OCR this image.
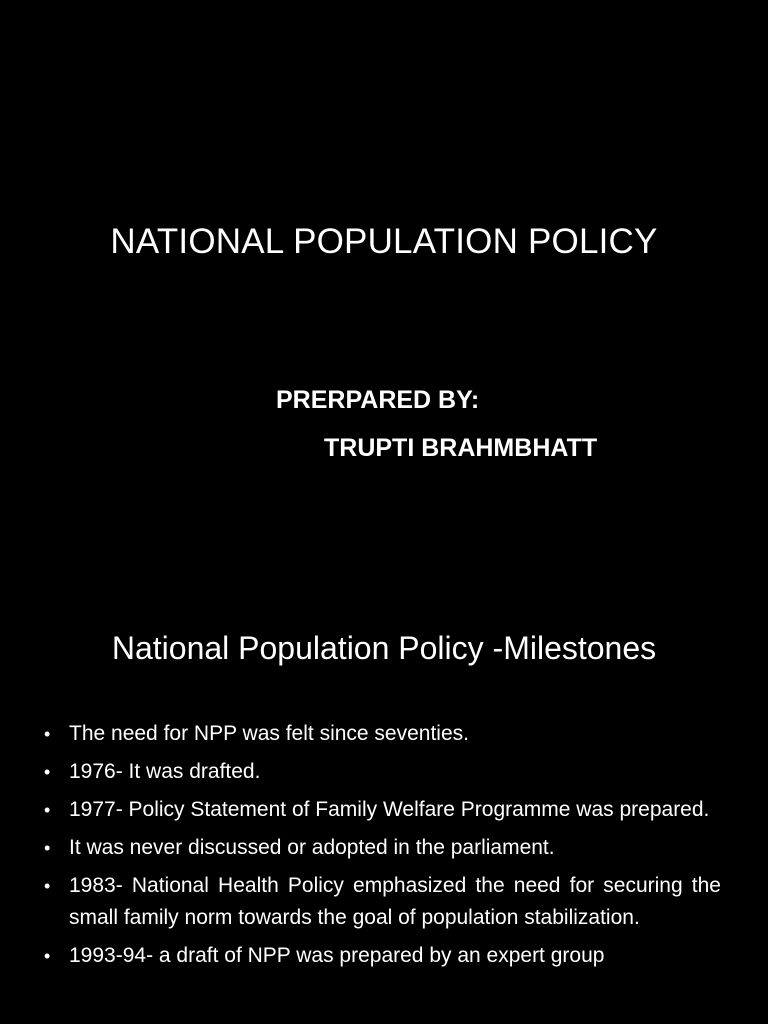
NATIONAL POPULATION POLICY
PRERPARED BY:
TRUPTI BRAHMBHATT
National Population Policy -Milestones
• The need for NPP was felt since seventies.
• 1976- It was drafted.
• 1977- Policy Statement of Family Welfare Programme was prepared.
• It was never discussed or adopted in the parliament.
• 1983- National Health Policy emphasized the need for securing the small family norm towards the goal of population stabilization.
• 1993-94- a draft of NPP was prepared by an expert group
